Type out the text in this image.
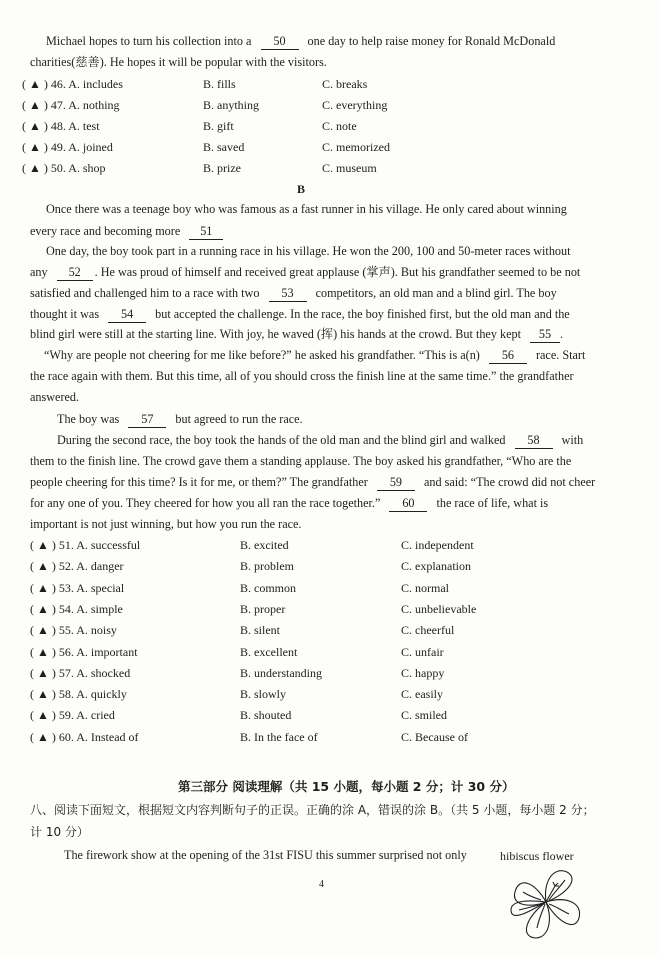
Michael hopes to turn his collection into a 50 one day to help raise money for Ronald McDonald
charities(慈善). He hopes it will be popular with the visitors.
( ▲ ) 46. A. includes	B. fills	C. breaks
( ▲ ) 47. A. nothing	B. anything	C. everything
( ▲ ) 48. A. test	B. gift	C. note
( ▲ ) 49. A. joined	B. saved	C. memorized
( ▲ ) 50. A. shop	B. prize	C. museum
B
Once there was a teenage boy who was famous as a fast runner in his village. He only cared about winning
every race and becoming more 51
One day, the boy took part in a running race in his village. He won the 200, 100 and 50-meter races without
any 52 . He was proud of himself and received great applause (掌声). But his grandfather seemed to be not
satisfied and challenged him to a race with two 53 competitors, an old man and a blind girl. The boy
thought it was 54 but accepted the challenge. In the race, the boy finished first, but the old man and the
blind girl were still at the starting line. With joy, he waved (挥) his hands at the crowd. But they kept 55 .
“Why are people not cheering for me like before?” he asked his grandfather. “This is a(n) 56 race. Start
the race again with them. But this time, all of you should cross the finish line at the same time.” the grandfather
answered.
The boy was 57 but agreed to run the race.
During the second race, the boy took the hands of the old man and the blind girl and walked 58 with
them to the finish line. The crowd gave them a standing applause. The boy asked his grandfather, “Who are the
people cheering for this time? Is it for me, or them?” The grandfather 59 and said: “The crowd did not cheer
for any one of you. They cheered for how you all ran the race together.” 60 the race of life, what is
important is not just winning, but how you run the race.
( ▲ ) 51. A. successful	B. excited	C. independent
( ▲ ) 52. A. danger	B. problem	C. explanation
( ▲ ) 53. A. special	B. common	C. normal
( ▲ ) 54. A. simple	B. proper	C. unbelievable
( ▲ ) 55. A. noisy	B. silent	C. cheerful
( ▲ ) 56. A. important	B. excellent	C. unfair
( ▲ ) 57. A. shocked	B. understanding	C. happy
( ▲ ) 58. A. quickly	B. slowly	C. easily
( ▲ ) 59. A. cried	B. shouted	C. smiled
( ▲ ) 60. A. Instead of	B. In the face of	C. Because of
第三部分 阅读理解（共 15 小题，每小题 2 分；计 30 分）
八、阅读下面短文，根据短文内容判断句子的正误。正确的涂 A，错误的涂 B。（共 5 小题，每小题 2 分；
计 10 分）
The firework show at the opening of the 31st FISU this summer surprised not only	hibiscus flower
4
